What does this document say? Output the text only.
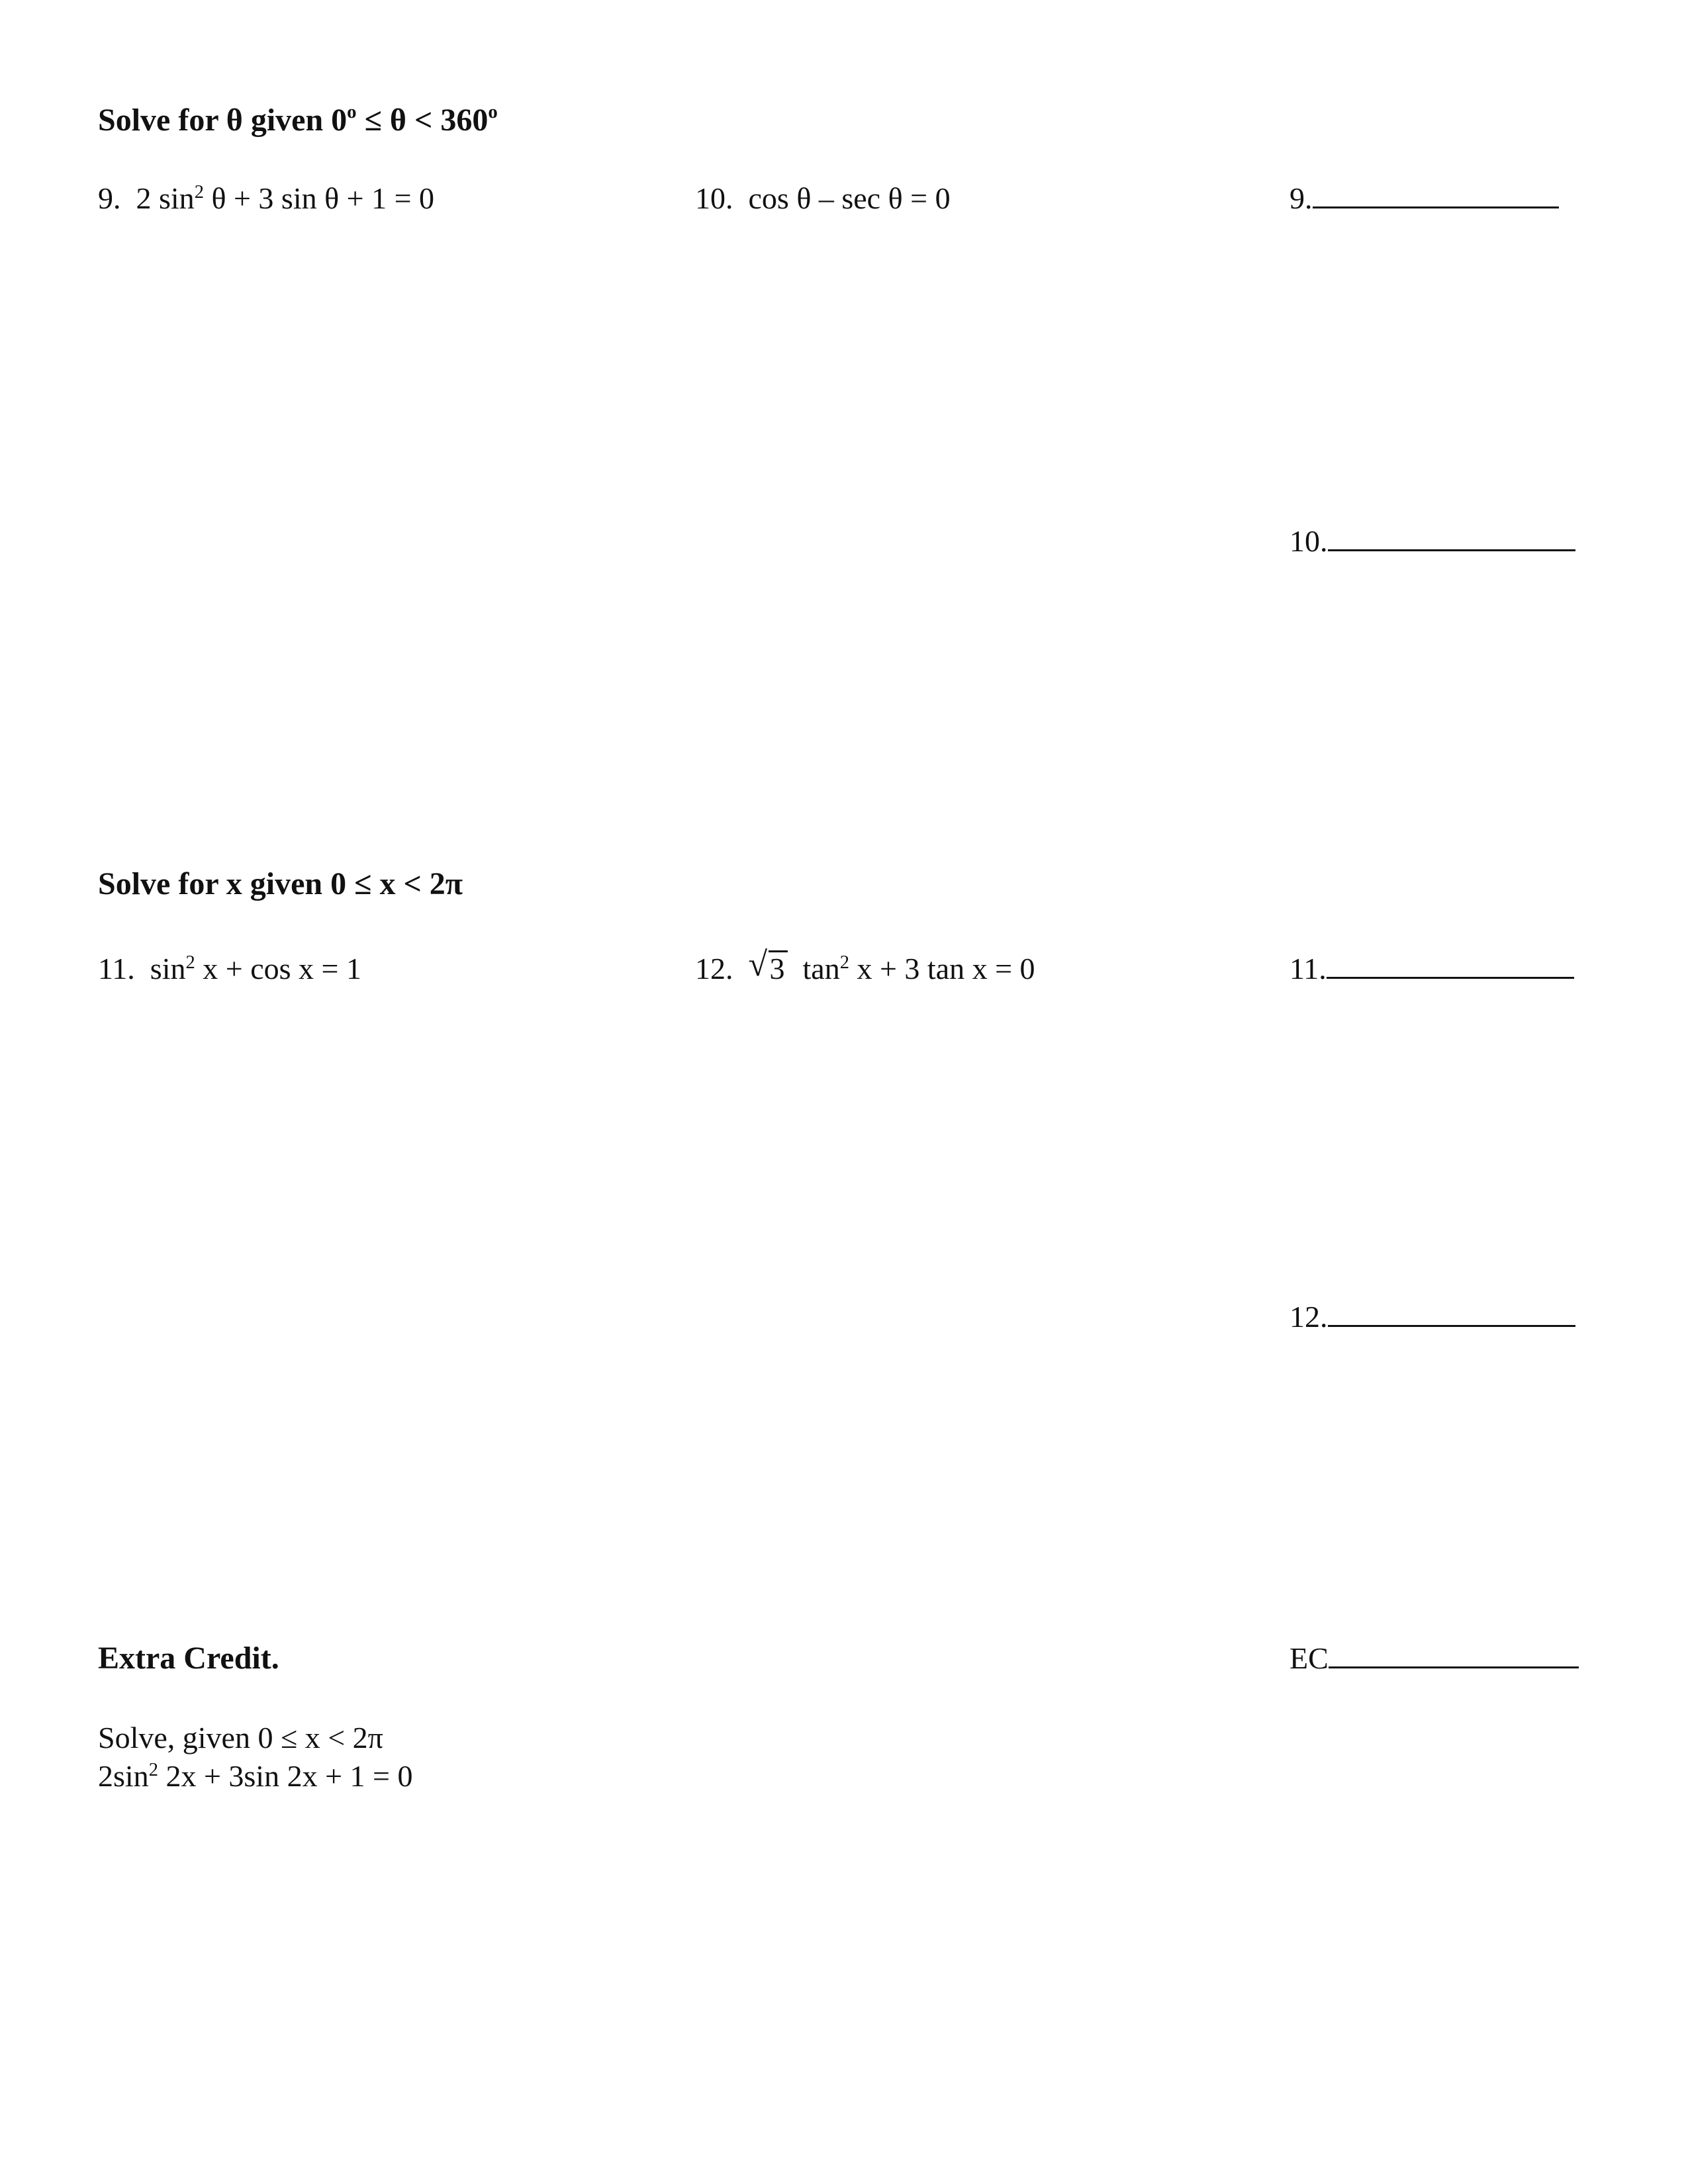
Solve for θ given $0^o \le \theta < 360^o$
9. 2 $\sin^2 \theta + 3$ sin θ + 1 = 0	10. cos θ – sec θ = 0	9.
10.
Solve for x given 0 ≤ x < 2π
11. $\sin^2 x + \cos x = 1$	12. √ 3 $\tan^2 x + 3$ tan x = 0	11.
12.
Extra Credit.	EC
Solve, given 0 ≤ x < 2π
$2\sin^2$ 2x + 3sin 2x + 1 = 0
